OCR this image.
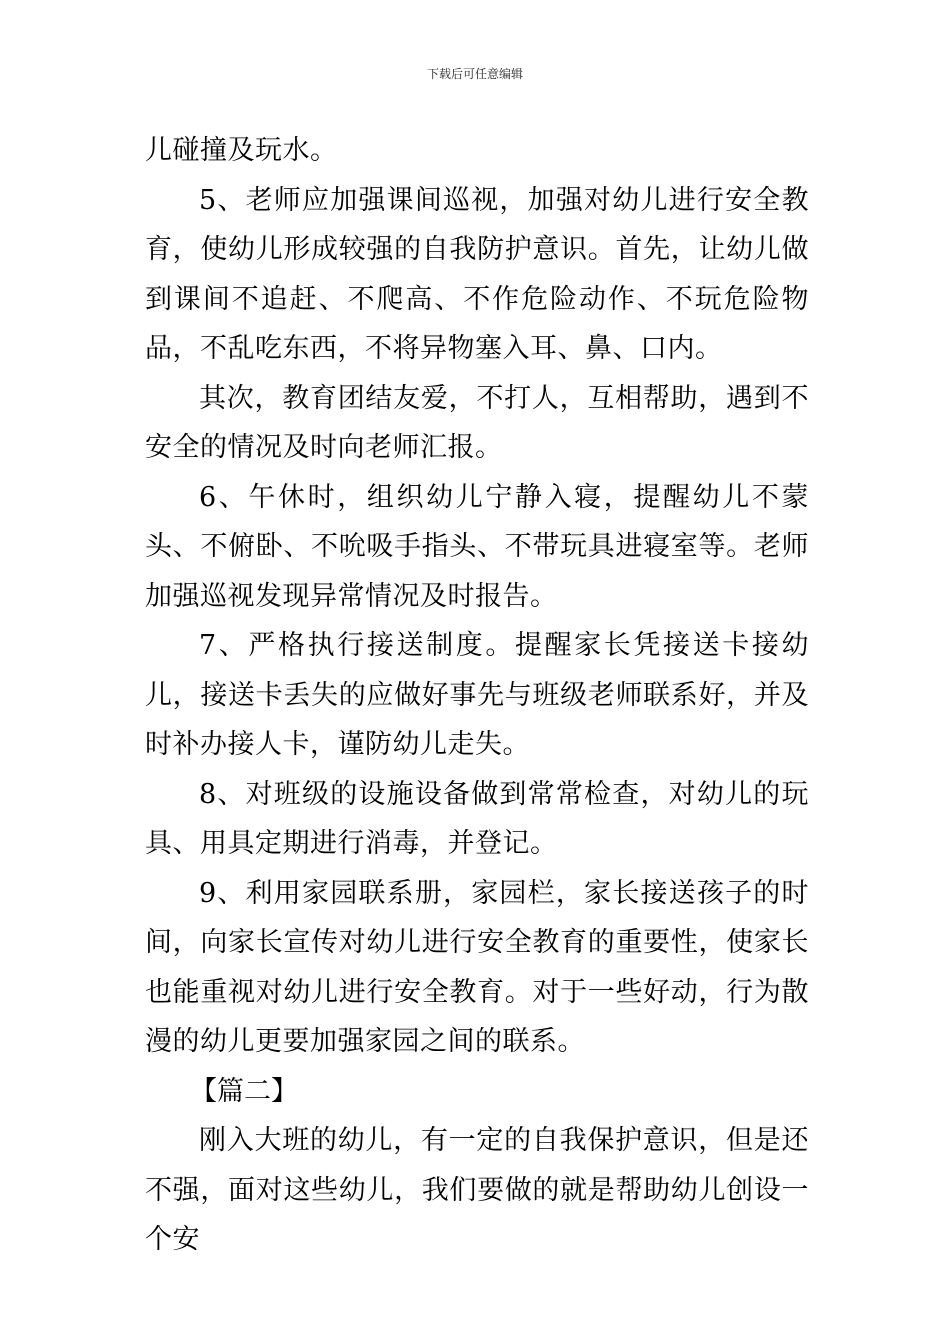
下载后可任意编辑

儿碰撞及玩水。

5、老师应加强课间巡视，加强对幼儿进行安全教育，使幼儿形成较强的自我防护意识。首先，让幼儿做到课间不追赶、不爬高、不作危险动作、不玩危险物品，不乱吃东西，不将异物塞入耳、鼻、口内。

其次，教育团结友爱，不打人，互相帮助，遇到不安全的情况及时向老师汇报。

6、午休时，组织幼儿宁静入寝，提醒幼儿不蒙头、不俯卧、不吮吸手指头、不带玩具进寝室等。老师加强巡视发现异常情况及时报告。

7、严格执行接送制度。提醒家长凭接送卡接幼儿，接送卡丢失的应做好事先与班级老师联系好，并及时补办接人卡，谨防幼儿走失。

8、对班级的设施设备做到常常检查，对幼儿的玩具、用具定期进行消毒，并登记。

9、利用家园联系册，家园栏，家长接送孩子的时间，向家长宣传对幼儿进行安全教育的重要性，使家长也能重视对幼儿进行安全教育。对于一些好动，行为散漫的幼儿更要加强家园之间的联系。

【篇二】

刚入大班的幼儿，有一定的自我保护意识，但是还不强，面对这些幼儿，我们要做的就是帮助幼儿创设一个安
